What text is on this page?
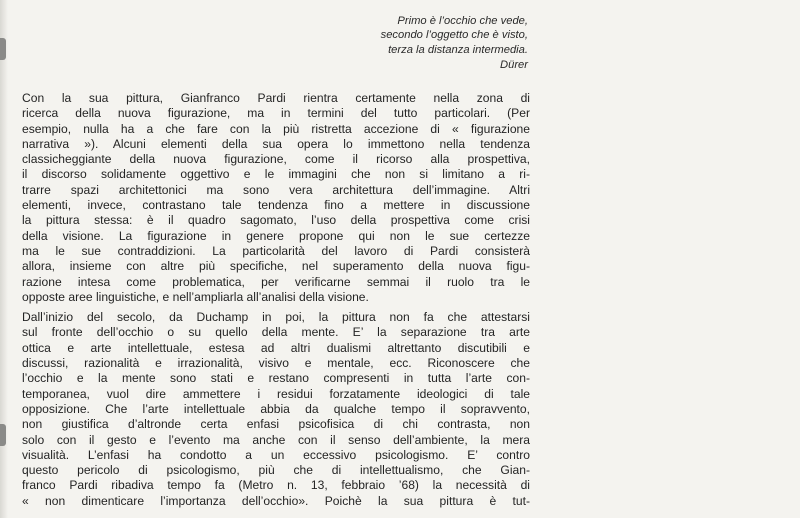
Primo è l’occhio che vede,
secondo l’oggetto che è visto,
terza la distanza intermedia.
Dürer
Con la sua pittura, Gianfranco Pardi rientra certamente nella zona di
ricerca della nuova figurazione, ma in termini del tutto particolari. (Per
esempio, nulla ha a che fare con la più ristretta accezione di « figurazione
narrativa »). Alcuni elementi della sua opera lo immettono nella tendenza
classicheggiante della nuova figurazione, come il ricorso alla prospettiva,
il discorso solidamente oggettivo e le immagini che non si limitano a ri-
trarre spazi architettonici ma sono vera architettura dell’immagine. Altri
elementi, invece, contrastano tale tendenza fino a mettere in discussione
la pittura stessa: è il quadro sagomato, l’uso della prospettiva come crisi
della visione. La figurazione in genere propone qui non le sue certezze
ma le sue contraddizioni. La particolarità del lavoro di Pardi consisterà
allora, insieme con altre più specifiche, nel superamento della nuova figu-
razione intesa come problematica, per verificarne semmai il ruolo tra le
opposte aree linguistiche, e nell’ampliarla all’analisi della visione.
Dall’inizio del secolo, da Duchamp in poi, la pittura non fa che attestarsi
sul fronte dell’occhio o su quello della mente. E’ la separazione tra arte
ottica e arte intellettuale, estesa ad altri dualismi altrettanto discutibili e
discussi, razionalità e irrazionalità, visivo e mentale, ecc. Riconoscere che
l’occhio e la mente sono stati e restano compresenti in tutta l’arte con-
temporanea, vuol dire ammettere i residui forzatamente ideologici di tale
opposizione. Che l’arte intellettuale abbia da qualche tempo il sopravvento,
non giustifica d’altronde certa enfasi psicofisica di chi contrasta, non
solo con il gesto e l’evento ma anche con il senso dell’ambiente, la mera
visualità. L’enfasi ha condotto a un eccessivo psicologismo. E’ contro
questo pericolo di psicologismo, più che di intellettualismo, che Gian-
franco Pardi ribadiva tempo fa (Metro n. 13, febbraio ’68) la necessità di
« non dimenticare l’importanza dell’occhio». Poichè la sua pittura è tut-
